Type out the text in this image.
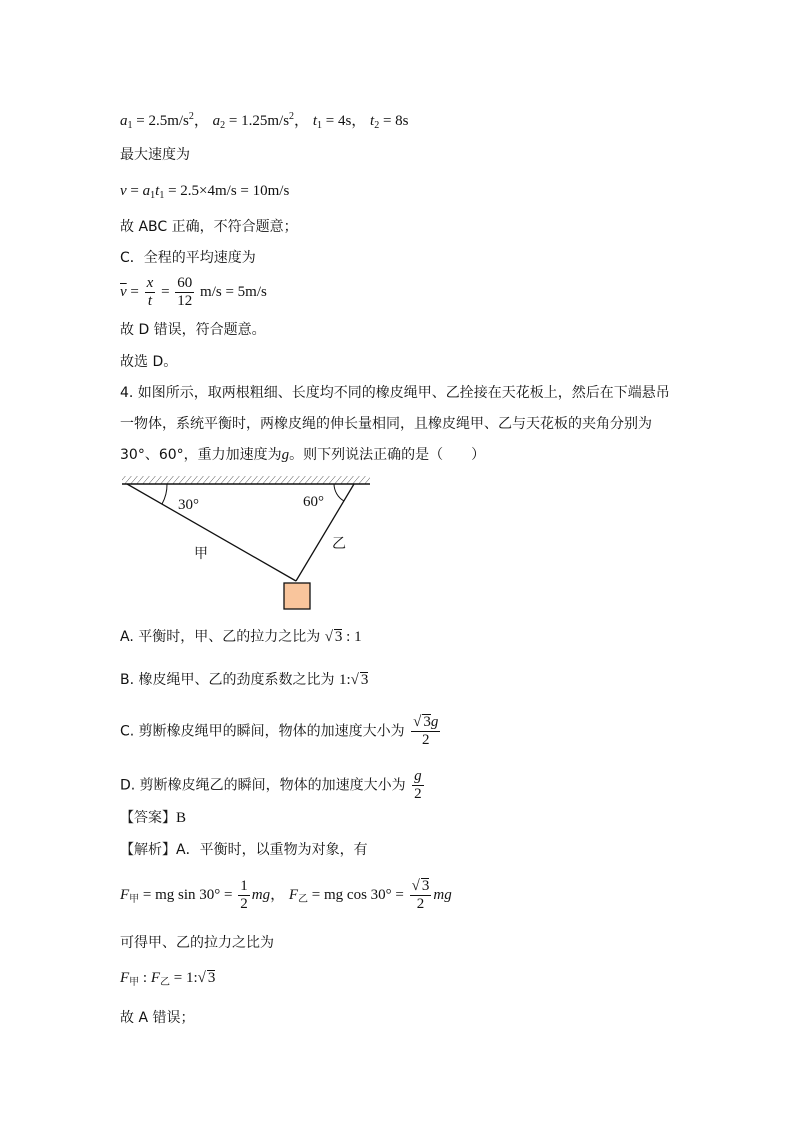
$a_1 = 2.5m/s^2$， $a_2 = 1.25m/s^2$， $t_1 = 4s$， $t_2 = 8s$
最大速度为
$v = a_1t_1 = 2.5\times 4m/s = 10m/s$
故 ABC 正确，不符合题意；
C．全程的平均速度为
$\overline{v} = \frac{x}{t} = \frac{60}{12} m/s = 5m/s$
故 D 错误，符合题意。
故选 D。
4. 如图所示，取两根粗细、长度均不同的橡皮绳甲、乙拴接在天花板上，然后在下端悬吊
一物体，系统平衡时，两橡皮绳的伸长量相同，且橡皮绳甲、乙与天花板的夹角分别为
30°、60°，重力加速度为g。则下列说法正确的是（　　）
30°	60°
甲
乙
A. 平衡时，甲、乙的拉力之比为 √ 3 : 1
B. 橡皮绳甲、乙的劲度系数之比为 1:√ 3
C. 剪断橡皮绳甲的瞬间，物体的加速度大小为 $\frac{√ 3g}{2}$
D. 剪断橡皮绳乙的瞬间，物体的加速度大小为 $\frac{g}{2}$
【答案】B
【解析】A．平衡时，以重物为对象，有
$F_甲$ = mg $\sin 30^\circ = \frac{1}{2}$ mg， $F_乙$ = mg $\cos 30^\circ = \frac{√ 3}{2}$ mg
可得甲、乙的拉力之比为
$F_甲$ : $F_乙$ = 1:√ 3
故 A 错误；
